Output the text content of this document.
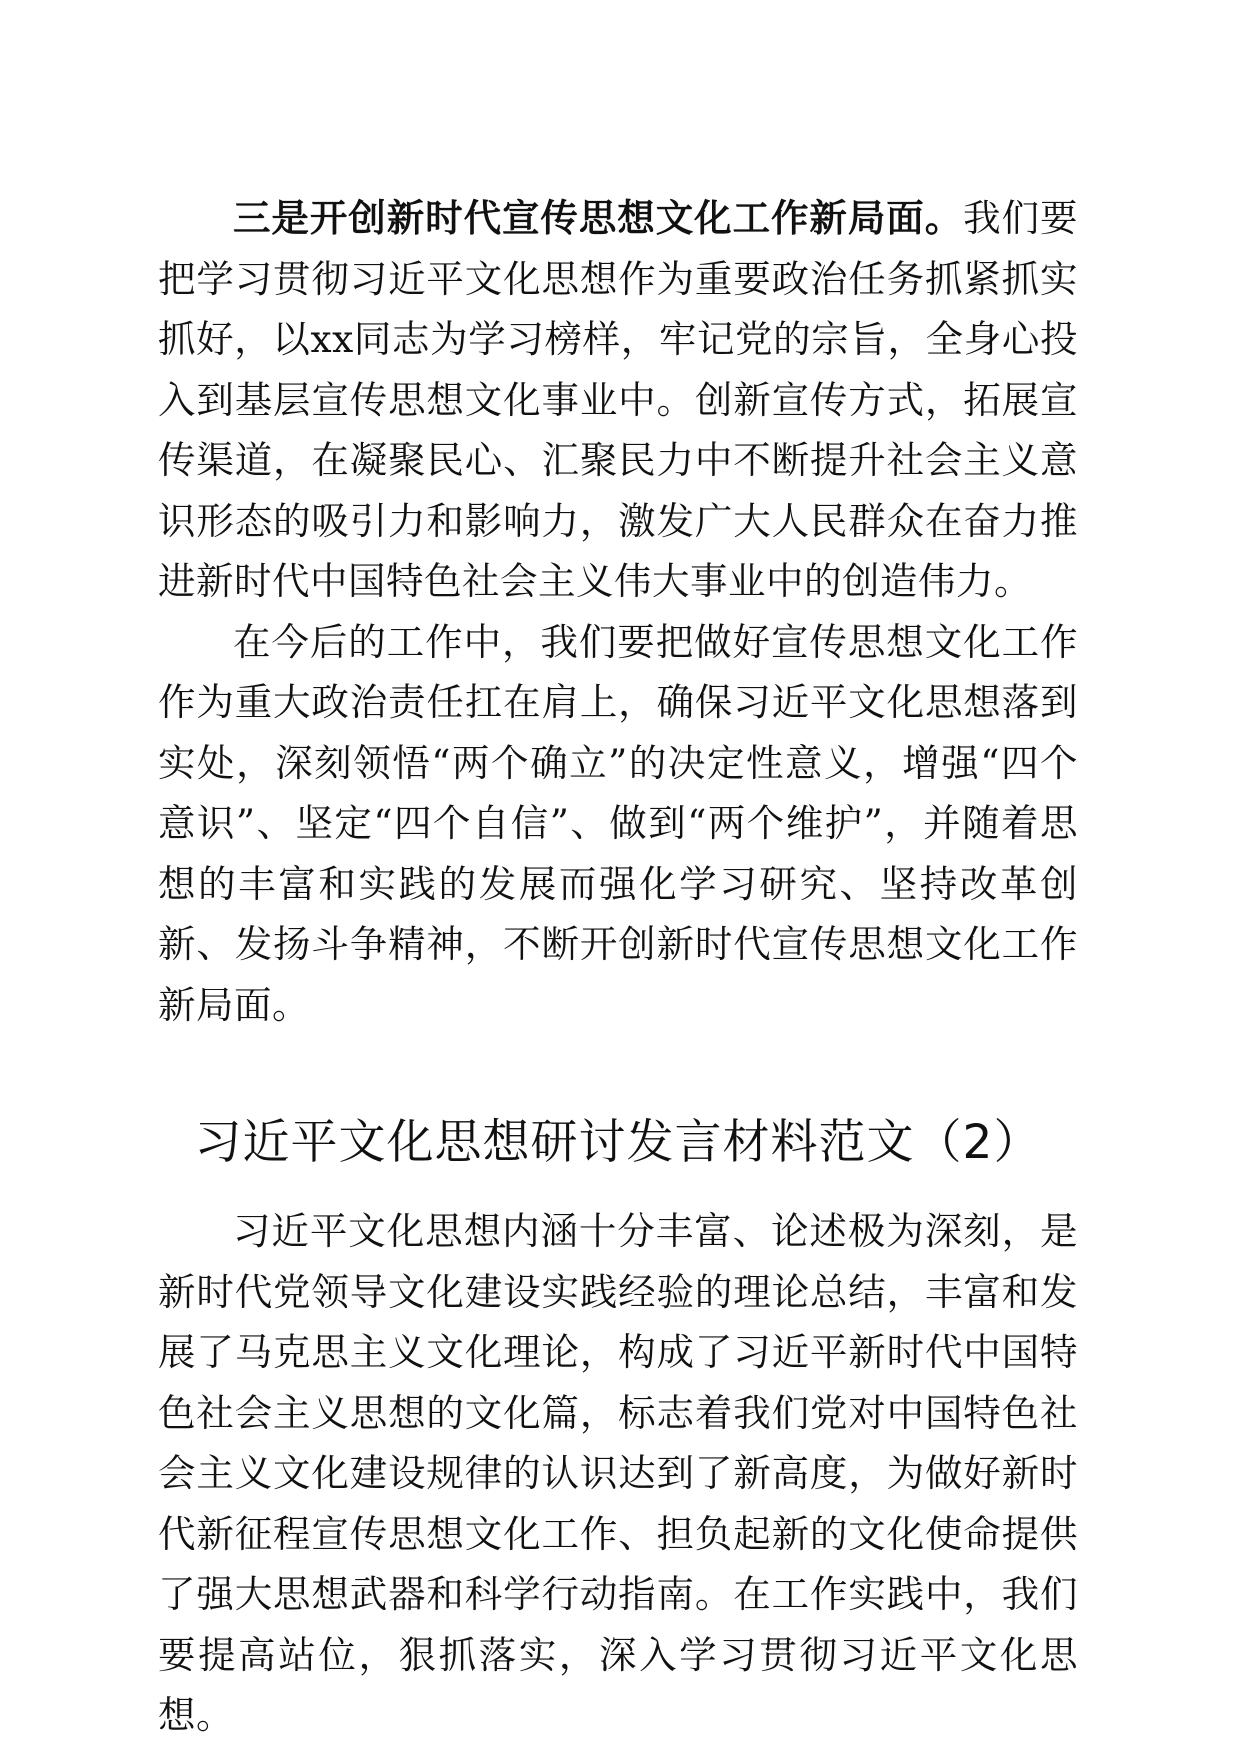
三是开创新时代宣传思想文化工作新局面。我们要把学习贯彻习近平文化思想作为重要政治任务抓紧抓实抓好，以xx同志为学习榜样，牢记党的宗旨，全身心投入到基层宣传思想文化事业中。创新宣传方式，拓展宣传渠道，在凝聚民心、汇聚民力中不断提升社会主义意识形态的吸引力和影响力，激发广大人民群众在奋力推进新时代中国特色社会主义伟大事业中的创造伟力。

在今后的工作中，我们要把做好宣传思想文化工作作为重大政治责任扛在肩上，确保习近平文化思想落到实处，深刻领悟“两个确立”的决定性意义，增强“四个意识”、坚定“四个自信”、做到“两个维护”，并随着思想的丰富和实践的发展而强化学习研究、坚持改革创新、发扬斗争精神，不断开创新时代宣传思想文化工作新局面。

习近平文化思想研讨发言材料范文（2）

习近平文化思想内涵十分丰富、论述极为深刻，是新时代党领导文化建设实践经验的理论总结，丰富和发展了马克思主义文化理论，构成了习近平新时代中国特色社会主义思想的文化篇，标志着我们党对中国特色社会主义文化建设规律的认识达到了新高度，为做好新时代新征程宣传思想文化工作、担负起新的文化使命提供了强大思想武器和科学行动指南。在工作实践中，我们要提高站位，狠抓落实，深入学习贯彻习近平文化思想。
